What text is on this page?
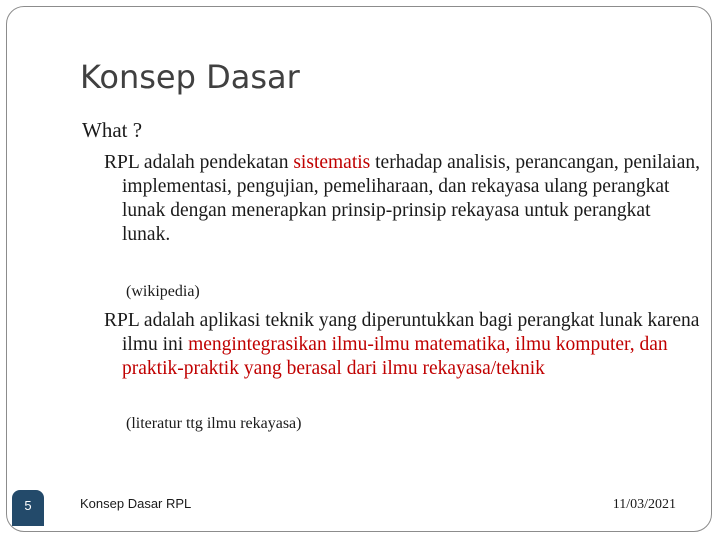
Konsep Dasar
What ?
RPL adalah pendekatan sistematis terhadap analisis, perancangan, penilaian, implementasi, pengujian, pemeliharaan, dan rekayasa ulang perangkat lunak dengan menerapkan prinsip-prinsip rekayasa untuk perangkat lunak.
(wikipedia)
RPL adalah aplikasi teknik yang diperuntukkan bagi perangkat lunak karena ilmu ini mengintegrasikan ilmu-ilmu matematika, ilmu komputer, dan praktik-praktik yang berasal dari ilmu rekayasa/teknik
(literatur ttg ilmu rekayasa)
5	Konsep Dasar RPL	11/03/2021
